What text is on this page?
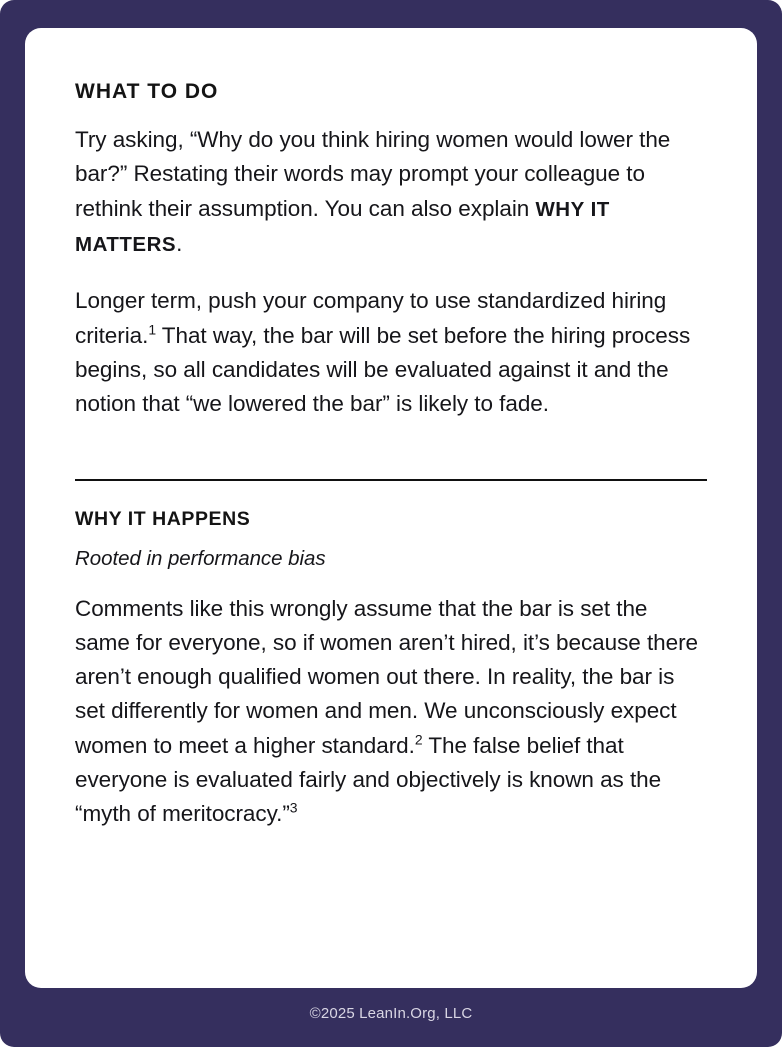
WHAT TO DO

Try asking, “Why do you think hiring women would lower the bar?” Restating their words may prompt your colleague to rethink their assumption. You can also explain WHY IT MATTERS.

Longer term, push your company to use standardized hiring criteria.$^1$ That way, the bar will be set before the hiring process begins, so all candidates will be evaluated against it and the notion that “we lowered the bar” is likely to fade.

WHY IT HAPPENS

Rooted in performance bias

Comments like this wrongly assume that the bar is set the same for everyone, so if women aren’t hired, it’s because there aren’t enough qualified women out there. In reality, the bar is set differently for women and men. We unconsciously expect women to meet a higher standard.$^2$ The false belief that everyone is evaluated fairly and objectively is known as the “myth of meritocracy.”$^3$

©2025 LeanIn.Org, LLC
